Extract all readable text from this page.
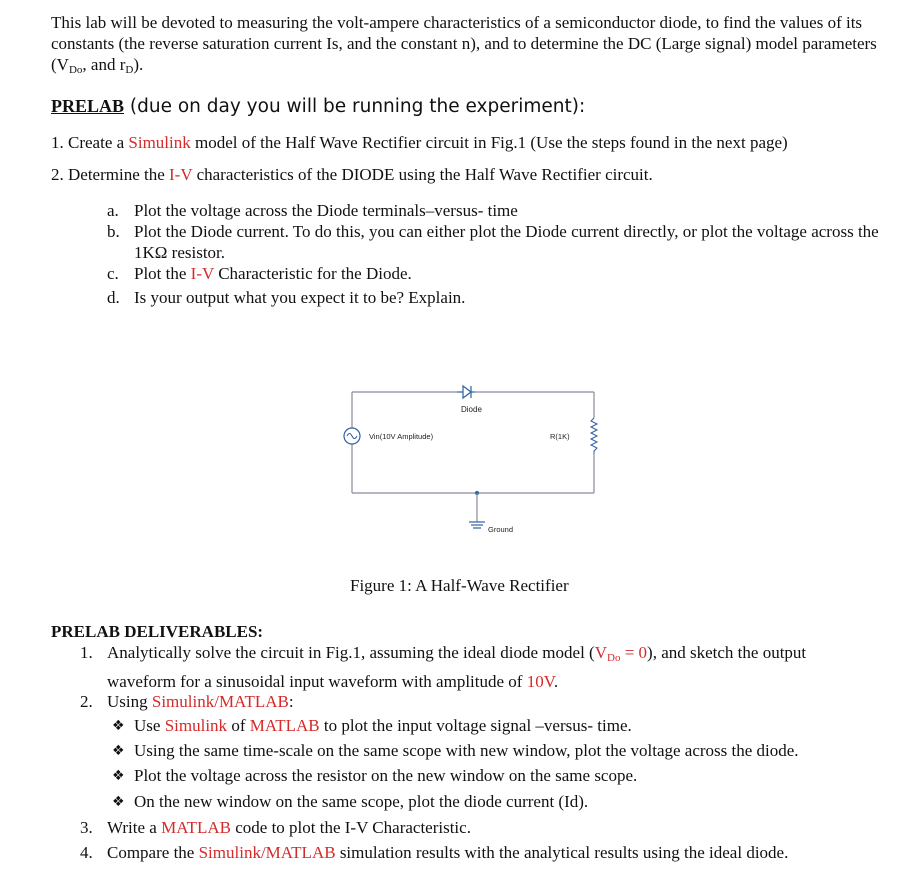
This lab will be devoted to measuring the volt-ampere characteristics of a semiconductor diode, to find the values of its constants (the reverse saturation current Is, and the constant n), and to determine the DC (Large signal) model parameters ($V_{Do}$, and $r_D$).
PRELAB (due on day you will be running the experiment):
1. Create a Simulink model of the Half Wave Rectifier circuit in Fig.1 (Use the steps found in the next page)
2. Determine the I-V characteristics of the DIODE using the Half Wave Rectifier circuit.
a. Plot the voltage across the Diode terminals–versus- time
b. Plot the Diode current. To do this, you can either plot the Diode current directly, or plot the voltage across the 1KΩ resistor.
c. Plot the I-V Characteristic for the Diode.
d. Is your output what you expect it to be? Explain.
Diode
Vin(10V Amplitude)	R(1K)
Ground
Figure 1: A Half-Wave Rectifier
PRELAB DELIVERABLES:
1. Analytically solve the circuit in Fig.1, assuming the ideal diode model $(V_{Do} = 0)$, and sketch the output waveform for a sinusoidal input waveform with amplitude of 10V.
2. Using Simulink/MATLAB:
❖ Use Simulink of MATLAB to plot the input voltage signal –versus- time.
❖ Using the same time-scale on the same scope with new window, plot the voltage across the diode.
❖ Plot the voltage across the resistor on the new window on the same scope.
❖ On the new window on the same scope, plot the diode current (Id).
3. Write a MATLAB code to plot the I-V Characteristic.
4. Compare the Simulink/MATLAB simulation results with the analytical results using the ideal diode.
